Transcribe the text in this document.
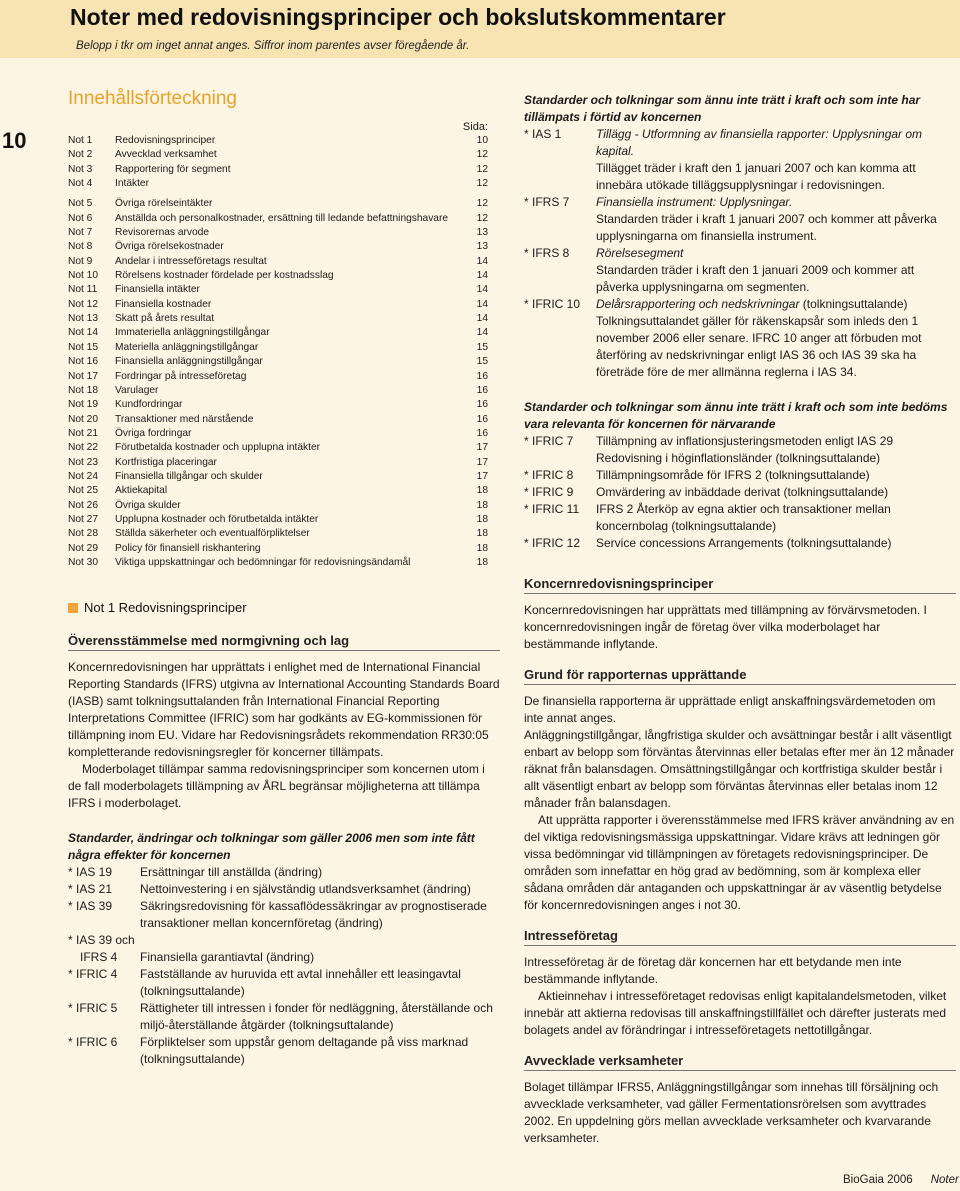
Noter med redovisningsprinciper och bokslutskommentarer
Belopp i tkr om inget annat anges. Siffror inom parentes avser föregående år.
10
Innehållsförteckning
Sida:
Not 1	Redovisningsprinciper	10
Not 2	Avvecklad verksamhet	12
Not 3	Rapportering för segment	12
Not 4	Intäkter	12
Not 5	Övriga rörelseintäkter	12
Not 6	Anställda och personalkostnader, ersättning till ledande befattningshavare	12
Not 7	Revisorernas arvode	13
Not 8	Övriga rörelsekostnader	13
Not 9	Andelar i intresseföretags resultat	14
Not 10	Rörelsens kostnader fördelade per kostnadsslag	14
Not 11	Finansiella intäkter	14
Not 12	Finansiella kostnader	14
Not 13	Skatt på årets resultat	14
Not 14	Immateriella anläggningstillgångar	14
Not 15	Materiella anläggningstillgångar	15
Not 16	Finansiella anläggningstillgångar	15
Not 17	Fordringar på intresseföretag	16
Not 18	Varulager	16
Not 19	Kundfordringar	16
Not 20	Transaktioner med närstående	16
Not 21	Övriga fordringar	16
Not 22	Förutbetalda kostnader och upplupna intäkter	17
Not 23	Kortfristiga placeringar	17
Not 24	Finansiella tillgångar och skulder	17
Not 25	Aktiekapital	18
Not 26	Övriga skulder	18
Not 27	Upplupna kostnader och förutbetalda intäkter	18
Not 28	Ställda säkerheter och eventualförpliktelser	18
Not 29	Policy för finansiell riskhantering	18
Not 30	Viktiga uppskattningar och bedömningar för redovisningsändamål	18
Not 1 Redovisningsprinciper
Överensstämmelse med normgivning och lag

Koncernredovisningen har upprättats i enlighet med de International Financial Reporting Standards (IFRS) utgivna av International Accounting Standards Board (IASB) samt tolkningsuttalanden från International Financial Reporting Interpretations Committee (IFRIC) som har godkänts av EG-kommissionen för tillämpning inom EU. Vidare har Redovisningsrådets rekommendation RR30:05 kompletterande redovisningsregler för koncerner tillämpats.

Moderbolaget tillämpar samma redovisningsprinciper som koncernen utom i de fall moderbolagets tillämpning av ÅRL begränsar möjligheterna att tillämpa IFRS i moderbolaget.

Standarder, ändringar och tolkningar som gäller 2006 men som inte fått några effekter för koncernen

* IAS 19	Ersättningar till anställda (ändring)
* IAS 21	Nettoinvestering i en självständig utlandsverksamhet (ändring)
* IAS 39	Säkringsredovisning för kassaflödessäkringar av prognostiserade transaktioner mellan koncernföretag (ändring)
* IAS 39 och
IFRS 4	Finansiella garantiavtal (ändring)
* IFRIC 4	Fastställande av huruvida ett avtal innehåller ett leasingavtal (tolkningsuttalande)
* IFRIC 5	Rättigheter till intressen i fonder för nedläggning, återställande och miljö-återställande åtgärder (tolkningsuttalande)
* IFRIC 6	Förpliktelser som uppstår genom deltagande på viss marknad (tolkningsuttalande)

Standarder och tolkningar som ännu inte trätt i kraft och som inte har tillämpats i förtid av koncernen

* IAS 1	Tillägg - Utformning av finansiella rapporter: Upplysningar om kapital.
Tillägget träder i kraft den 1 januari 2007 och kan komma att innebära utökade tilläggsupplysningar i redovisningen.
* IFRS 7	Finansiella instrument: Upplysningar.
Standarden träder i kraft 1 januari 2007 och kommer att påverka upplysningarna om finansiella instrument.
* IFRS 8	Rörelsesegment
Standarden träder i kraft den 1 januari 2009 och kommer att påverka upplysningarna om segmenten.
* IFRIC 10	Delårsrapportering och nedskrivningar (tolkningsuttalande)
Tolkningsuttalandet gäller för räkenskapsår som inleds den 1 november 2006 eller senare. IFRC 10 anger att förbuden mot återföring av nedskrivningar enligt IAS 36 och IAS 39 ska ha företräde före de mer allmänna reglerna i IAS 34.

Standarder och tolkningar som ännu inte trätt i kraft och som inte bedöms vara relevanta för koncernen för närvarande

* IFRIC 7	Tillämpning av inflationsjusteringsmetoden enligt IAS 29 Redovisning i höginflationsländer (tolkningsuttalande)
* IFRIC 8	Tillämpningsområde för IFRS 2 (tolkningsuttalande)
* IFRIC 9	Omvärdering av inbäddade derivat (tolkningsuttalande)
* IFRIC 11	IFRS 2 Återköp av egna aktier och transaktioner mellan koncernbolag (tolkningsuttalande)
* IFRIC 12	Service concessions Arrangements (tolkningsuttalande)
Koncernredovisningsprinciper

Koncernredovisningen har upprättats med tillämpning av förvärvsmetoden. I koncernredovisningen ingår de företag över vilka moderbolaget har bestämmande inflytande.

Grund för rapporternas upprättande

De finansiella rapporterna är upprättade enligt anskaffningsvärdemetoden om inte annat anges.

Anläggningstillgångar, långfristiga skulder och avsättningar består i allt väsentligt enbart av belopp som förväntas återvinnas eller betalas efter mer än 12 månader räknat från balansdagen. Omsättningstillgångar och kortfristiga skulder består i allt väsentligt enbart av belopp som förväntas återvinnas eller betalas inom 12 månader från balansdagen.

Att upprätta rapporter i överensstämmelse med IFRS kräver användning av en del viktiga redovisningsmässiga uppskattningar. Vidare krävs att ledningen gör vissa bedömningar vid tillämpningen av företagets redovisningsprinciper. De områden som innefattar en hög grad av bedömning, som är komplexa eller sådana områden där antaganden och uppskattningar är av väsentlig betydelse för koncernredovisningen anges i not 30.

Intresseföretag

Intresseföretag är de företag där koncernen har ett betydande men inte bestämmande inflytande.

Aktieinnehav i intresseföretaget redovisas enligt kapitalandelsmetoden, vilket innebär att aktierna redovisas till anskaffningstillfället och därefter justerats med bolagets andel av förändringar i intresseföretagets nettotillgångar.

Avvecklade verksamheter

Bolaget tillämpar IFRS5, Anläggningstillgångar som innehas till försäljning och avvecklade verksamheter, vad gäller Fermentationsrörelsen som avyttrades 2002. En uppdelning görs mellan avvecklade verksamheter och kvarvarande verksamheter.

BioGaia 2006 Noter
